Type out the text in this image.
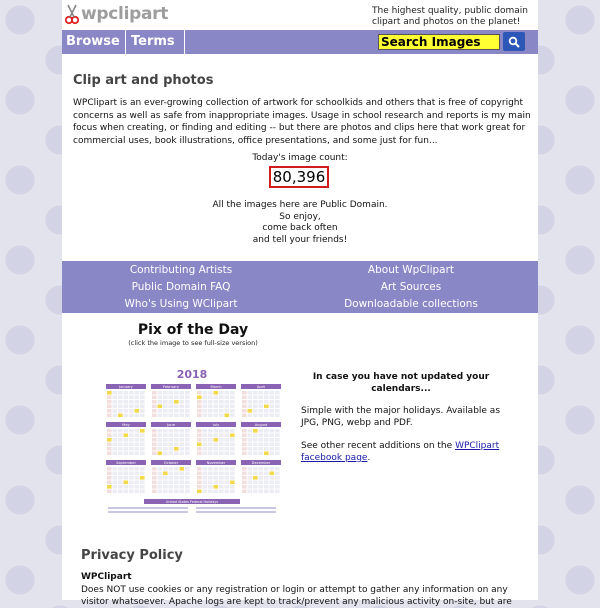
wpclipart	The highest quality, public domain clipart and photos on the planet!
Browse Terms	Search Images
Clip art and photos
WPClipart is an ever-growing collection of artwork for schoolkids and others that is free of copyright concerns as well as safe from inappropriate images. Usage in school research and reports is my main focus when creating, or finding and editing -- but there are photos and clips here that work great for commercial uses, book illustrations, office presentations, and some just for fun...
Today's image count:
80,396
All the images here are Public Domain.
So enjoy,
come back often
and tell your friends!
Contributing Artists	About WpClipart
Public Domain FAQ	Art Sources
Who's Using WClipart	Downloadable collections
Pix of the Day
(click the image to see full-size version)
2018
January	February	March	April
May	June	July	August
September	October	November	December
United States Federal Holidays
In case you have not updated your calendars...
Simple with the major holidays. Available as JPG, PNG, webp and PDF.
See other recent additions on the WPClipart facebook page.
Privacy Policy
WPClipart
Does NOT use cookies or any registration or login or attempt to gather any information on any visitor whatsoever. Apache logs are kept to track/prevent any malicious activity on-site, but are
